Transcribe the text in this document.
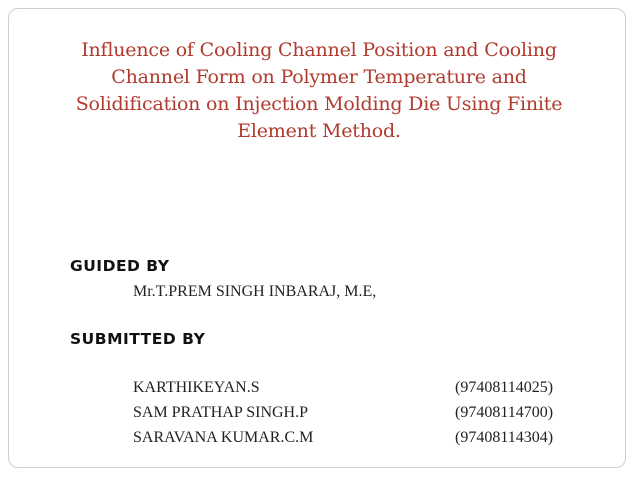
Influence of Cooling Channel Position and Cooling
Channel Form on Polymer Temperature and
Solidification on Injection Molding Die Using Finite
Element Method.
GUIDED BY
Mr.T.PREM SINGH INBARAJ, M.E,
SUBMITTED BY
KARTHIKEYAN.S	(97408114025)
SAM PRATHAP SINGH.P	(97408114700)
SARAVANA KUMAR.C.M	(97408114304)
